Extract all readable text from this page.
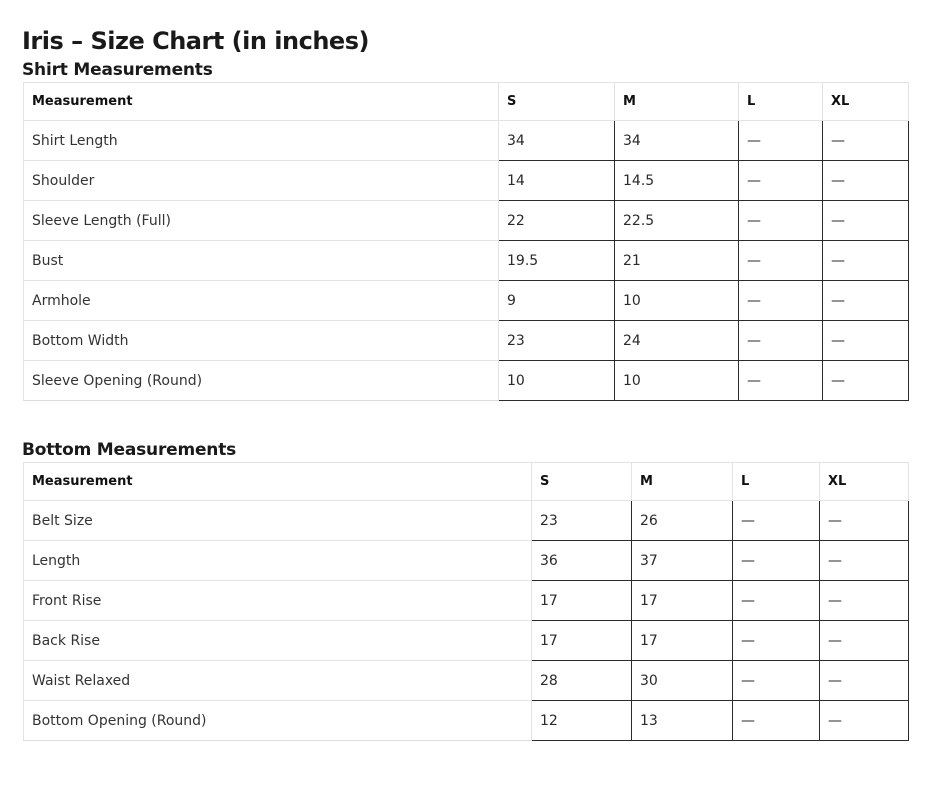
Iris – Size Chart (in inches)
Shirt Measurements
Measurement	S	M	L	XL
Shirt Length	34	34	—	—
Shoulder	14	14.5	—	—
Sleeve Length (Full)	22	22.5	—	—
Bust	19.5	21	—	—
Armhole	9	10	—	—
Bottom Width	23	24	—	—
Sleeve Opening (Round)	10	10	—	—
Bottom Measurements
Measurement	S	M	L	XL
Belt Size	23	26	—	—
Length	36	37	—	—
Front Rise	17	17	—	—
Back Rise	17	17	—	—
Waist Relaxed	28	30	—	—
Bottom Opening (Round)	12	13	—	—
